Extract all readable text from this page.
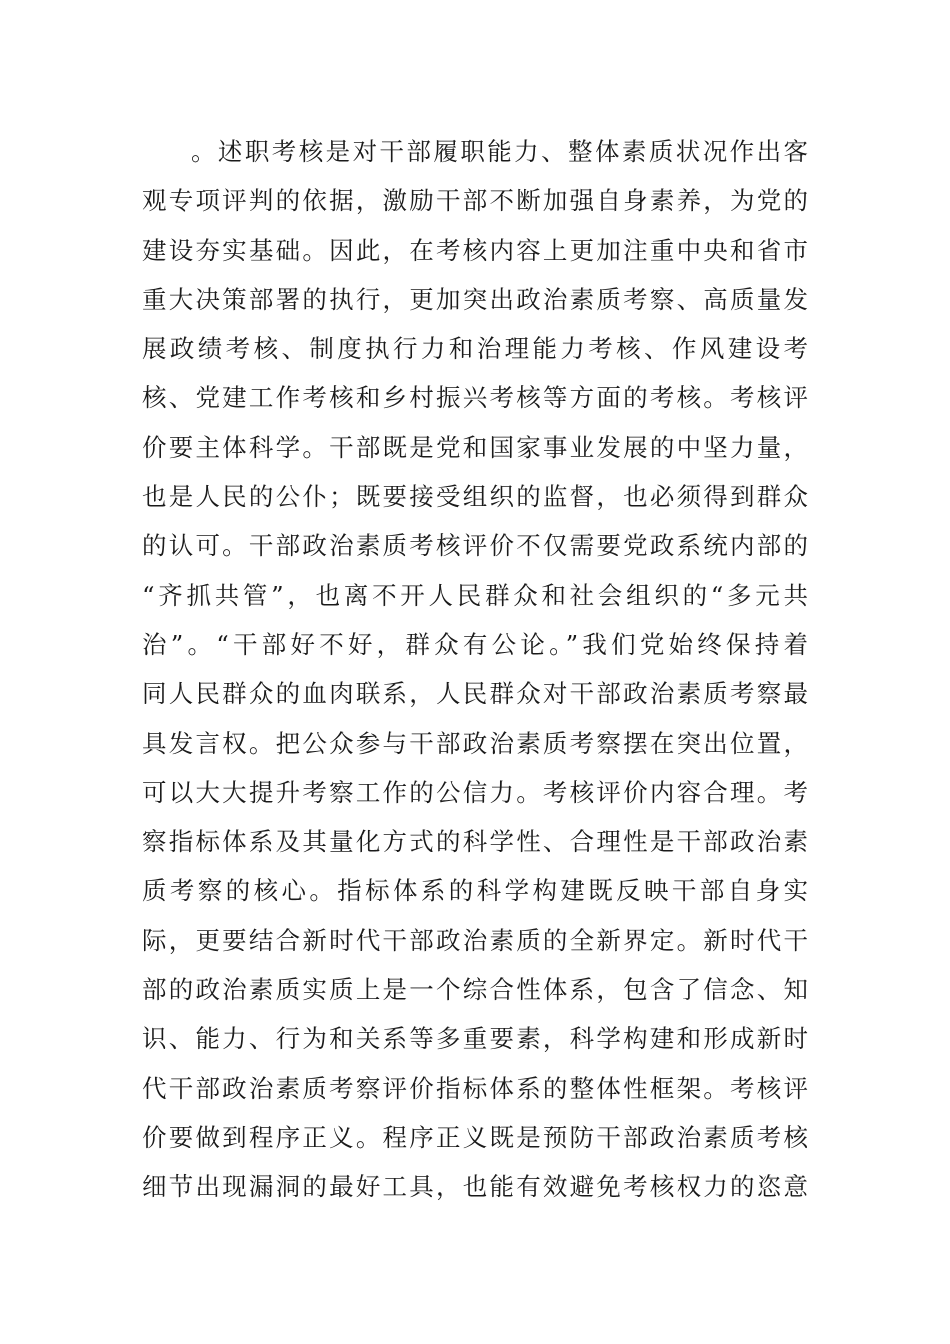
。述职考核是对干部履职能力、整体素质状况作出客
观专项评判的依据，激励干部不断加强自身素养，为党的
建设夯实基础。因此，在考核内容上更加注重中央和省市
重大决策部署的执行，更加突出政治素质考察、高质量发
展政绩考核、制度执行力和治理能力考核、作风建设考
核、党建工作考核和乡村振兴考核等方面的考核。考核评
价要主体科学。干部既是党和国家事业发展的中坚力量，
也是人民的公仆；既要接受组织的监督，也必须得到群众
的认可。干部政治素质考核评价不仅需要党政系统内部的
“齐抓共管”，也离不开人民群众和社会组织的“多元共
治”。“干部好不好，群众有公论。”我们党始终保持着
同人民群众的血肉联系，人民群众对干部政治素质考察最
具发言权。把公众参与干部政治素质考察摆在突出位置，
可以大大提升考察工作的公信力。考核评价内容合理。考
察指标体系及其量化方式的科学性、合理性是干部政治素
质考察的核心。指标体系的科学构建既反映干部自身实
际，更要结合新时代干部政治素质的全新界定。新时代干
部的政治素质实质上是一个综合性体系，包含了信念、知
识、能力、行为和关系等多重要素，科学构建和形成新时
代干部政治素质考察评价指标体系的整体性框架。考核评
价要做到程序正义。程序正义既是预防干部政治素质考核
细节出现漏洞的最好工具，也能有效避免考核权力的恣意
